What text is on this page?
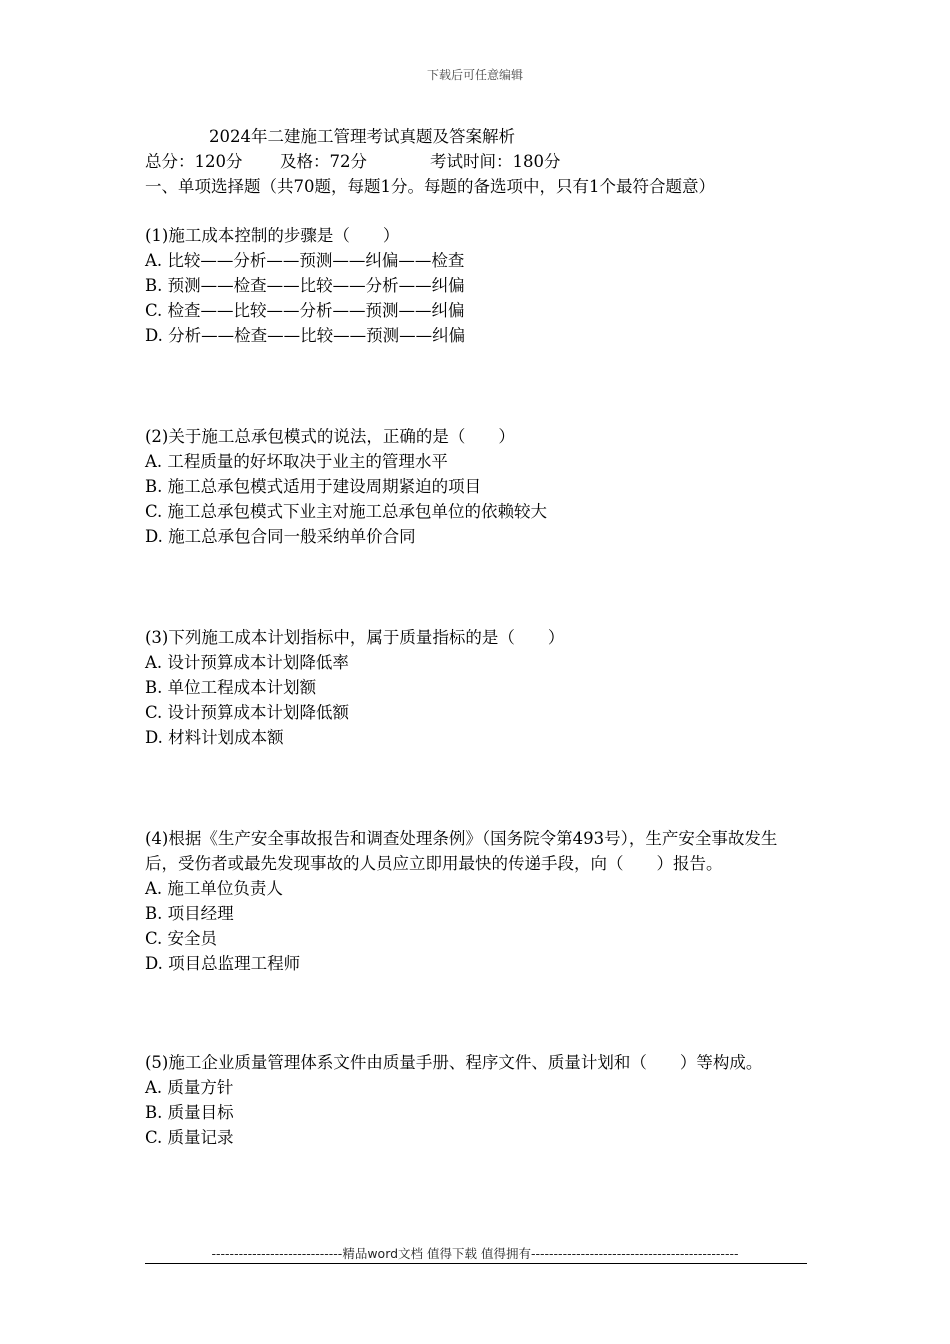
下载后可任意编辑
2024年二建施工管理考试真题及答案解析
总分：120分 及格：72分	考试时间：180分

一、单项选择题（共70题，每题1分。每题的备选项中，只有1个最符合题意）

(1)施工成本控制的步骤是（　　）

A. 比较——分析——预测——纠偏——检查

B. 预测——检查——比较——分析——纠偏

C. 检查——比较——分析——预测——纠偏

D. 分析——检查——比较——预测——纠偏

(2)关于施工总承包模式的说法，正确的是（　　）

A. 工程质量的好坏取决于业主的管理水平

B. 施工总承包模式适用于建设周期紧迫的项目

C. 施工总承包模式下业主对施工总承包单位的依赖较大

D. 施工总承包合同一般采纳单价合同

(3)下列施工成本计划指标中，属于质量指标的是（　　）

A. 设计预算成本计划降低率

B. 单位工程成本计划额

C. 设计预算成本计划降低额

D. 材料计划成本额

(4)根据《生产安全事故报告和调查处理条例》（国务院令第493号），生产安全事故发生后，受伤者或最先发现事故的人员应立即用最快的传递手段，向（　　）报告。

A. 施工单位负责人

B. 项目经理

C. 安全员

D. 项目总监理工程师

(5)施工企业质量管理体系文件由质量手册、程序文件、质量计划和（　　）等构成。

A. 质量方针

B. 质量目标

C. 质量记录

-----------------------------精品word文档 值得下载 值得拥有----------------------------------------------
